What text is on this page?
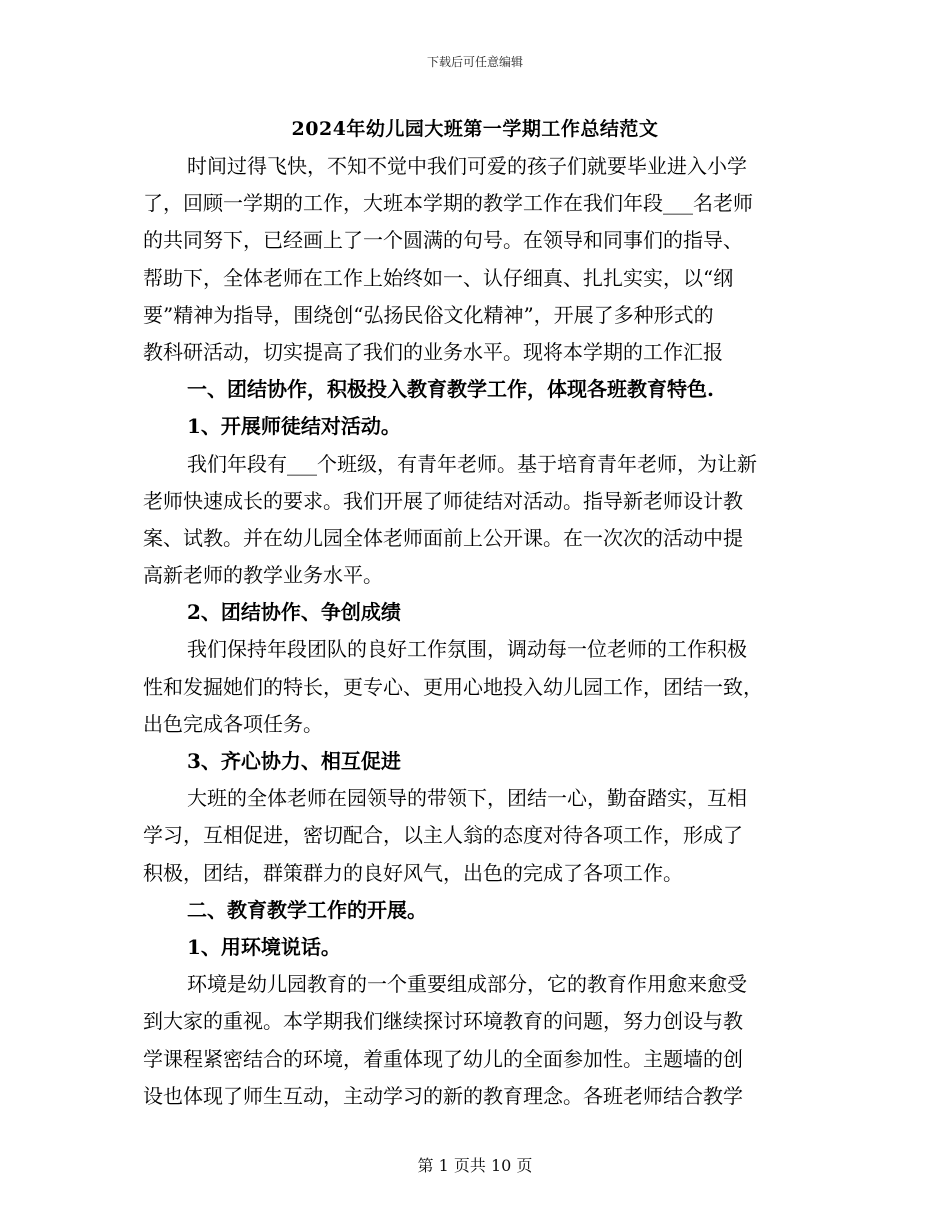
下载后可任意编辑
2024年幼儿园大班第一学期工作总结范文
时间过得飞快，不知不觉中我们可爱的孩子们就要毕业进入小学
了，回顾一学期的工作，大班本学期的教学工作在我们年段___名老师
的共同努下，已经画上了一个圆满的句号。在领导和同事们的指导、
帮助下，全体老师在工作上始终如一、认仔细真、扎扎实实，以“纲
要”精神为指导，围绕创“弘扬民俗文化精神”，开展了多种形式的
教科研活动，切实提高了我们的业务水平。现将本学期的工作汇报
一、团结协作，积极投入教育教学工作，体现各班教育特色.
1、开展师徒结对活动。
我们年段有___个班级，有青年老师。基于培育青年老师，为让新
老师快速成长的要求。我们开展了师徒结对活动。指导新老师设计教
案、试教。并在幼儿园全体老师面前上公开课。在一次次的活动中提
高新老师的教学业务水平。
2、团结协作、争创成绩
我们保持年段团队的良好工作氛围，调动每一位老师的工作积极
性和发掘她们的特长，更专心、更用心地投入幼儿园工作，团结一致，
出色完成各项任务。
3、齐心协力、相互促进
大班的全体老师在园领导的带领下，团结一心，勤奋踏实，互相
学习，互相促进，密切配合，以主人翁的态度对待各项工作，形成了
积极，团结，群策群力的良好风气，出色的完成了各项工作。
二、教育教学工作的开展。
1、用环境说话。
环境是幼儿园教育的一个重要组成部分，它的教育作用愈来愈受
到大家的重视。本学期我们继续探讨环境教育的问题，努力创设与教
学课程紧密结合的环境，着重体现了幼儿的全面参加性。主题墙的创
设也体现了师生互动，主动学习的新的教育理念。各班老师结合教学
第 1 页共 10 页
